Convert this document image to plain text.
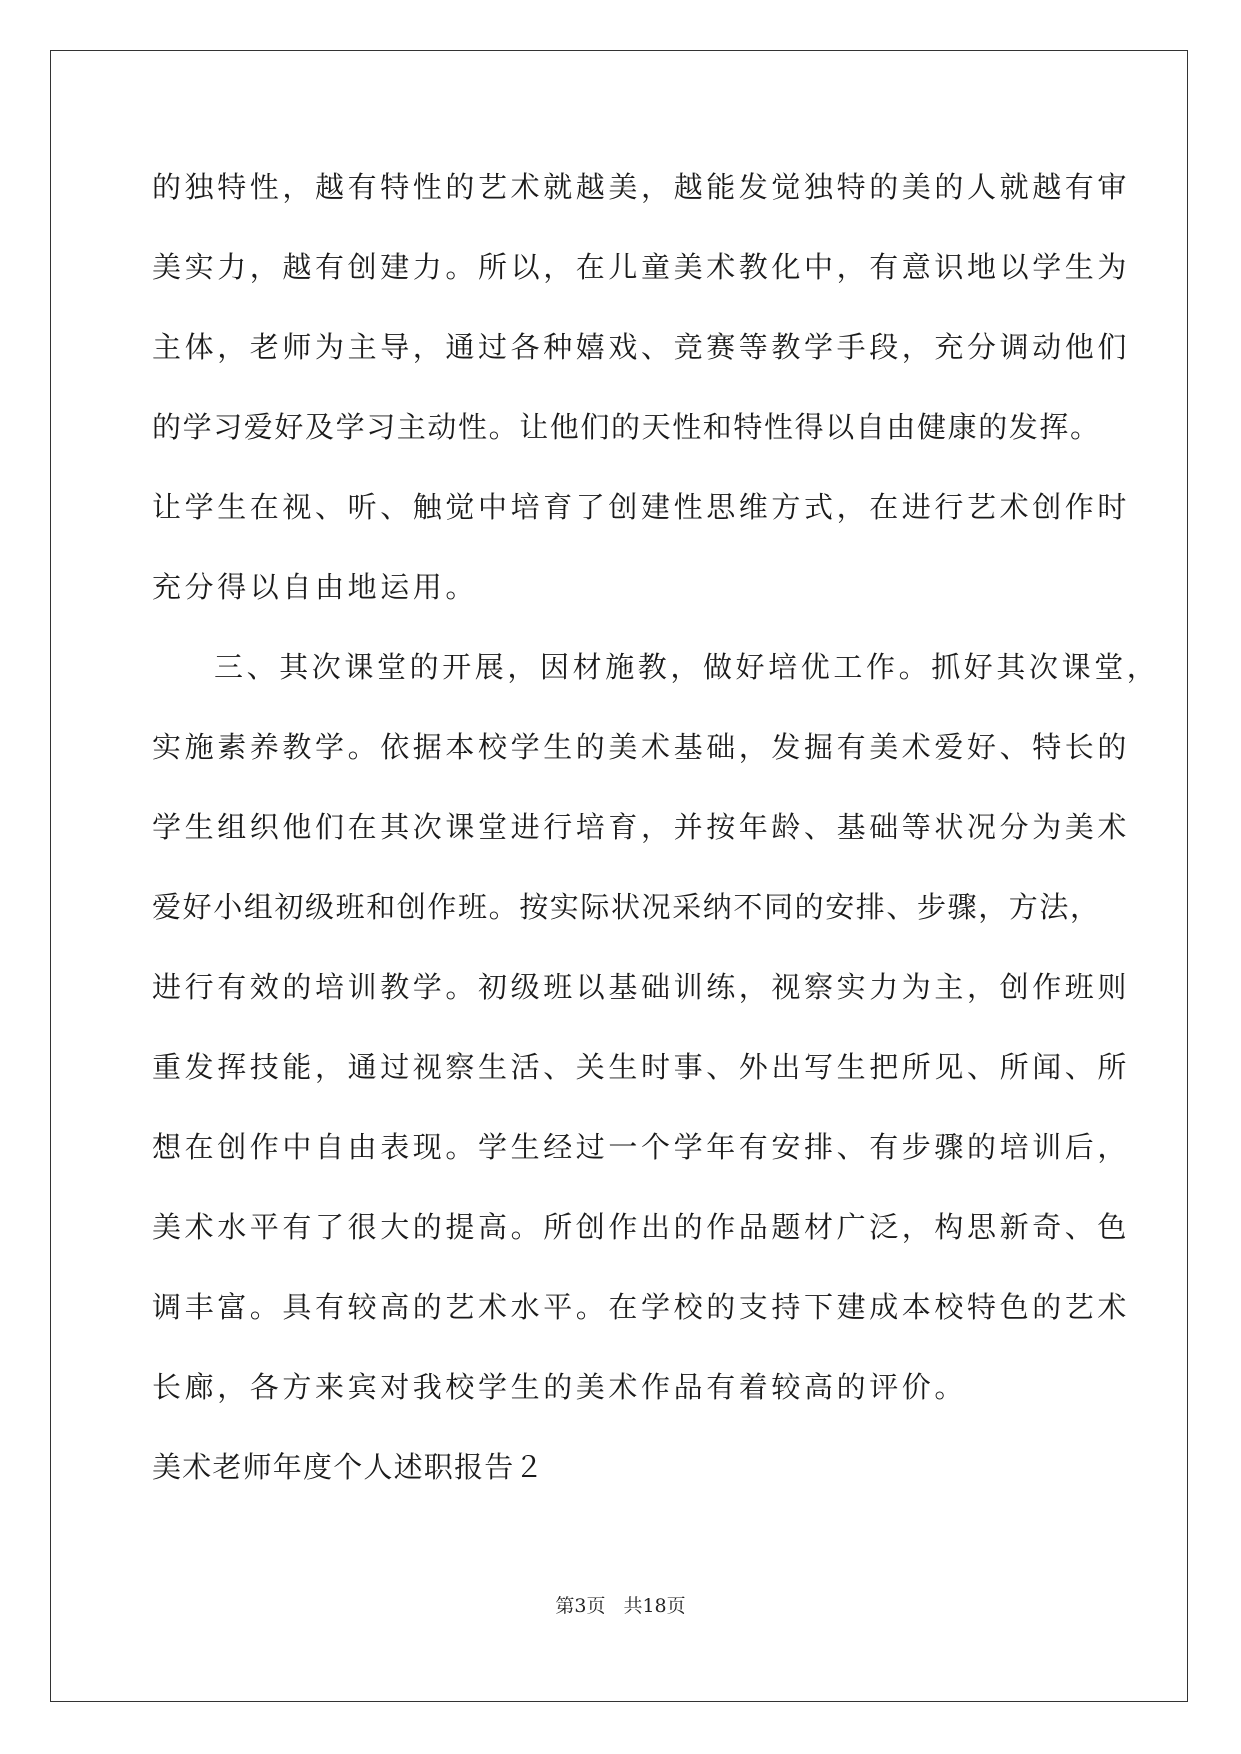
的独特性，越有特性的艺术就越美，越能发觉独特的美的人就越有审
美实力，越有创建力。所以，在儿童美术教化中，有意识地以学生为
主体，老师为主导，通过各种嬉戏、竞赛等教学手段，充分调动他们
的学习爱好及学习主动性。让他们的天性和特性得以自由健康的发挥。
让学生在视、听、触觉中培育了创建性思维方式，在进行艺术创作时
充分得以自由地运用。
三、其次课堂的开展，因材施教，做好培优工作。抓好其次课堂，
实施素养教学。依据本校学生的美术基础，发掘有美术爱好、特长的
学生组织他们在其次课堂进行培育，并按年龄、基础等状况分为美术
爱好小组初级班和创作班。按实际状况采纳不同的安排、步骤，方法，
进行有效的培训教学。初级班以基础训练，视察实力为主，创作班则
重发挥技能，通过视察生活、关生时事、外出写生把所见、所闻、所
想在创作中自由表现。学生经过一个学年有安排、有步骤的培训后，
美术水平有了很大的提高。所创作出的作品题材广泛，构思新奇、色
调丰富。具有较高的艺术水平。在学校的支持下建成本校特色的艺术
长廊，各方来宾对我校学生的美术作品有着较高的评价。
美术老师年度个人述职报告２
第3页 共18页
